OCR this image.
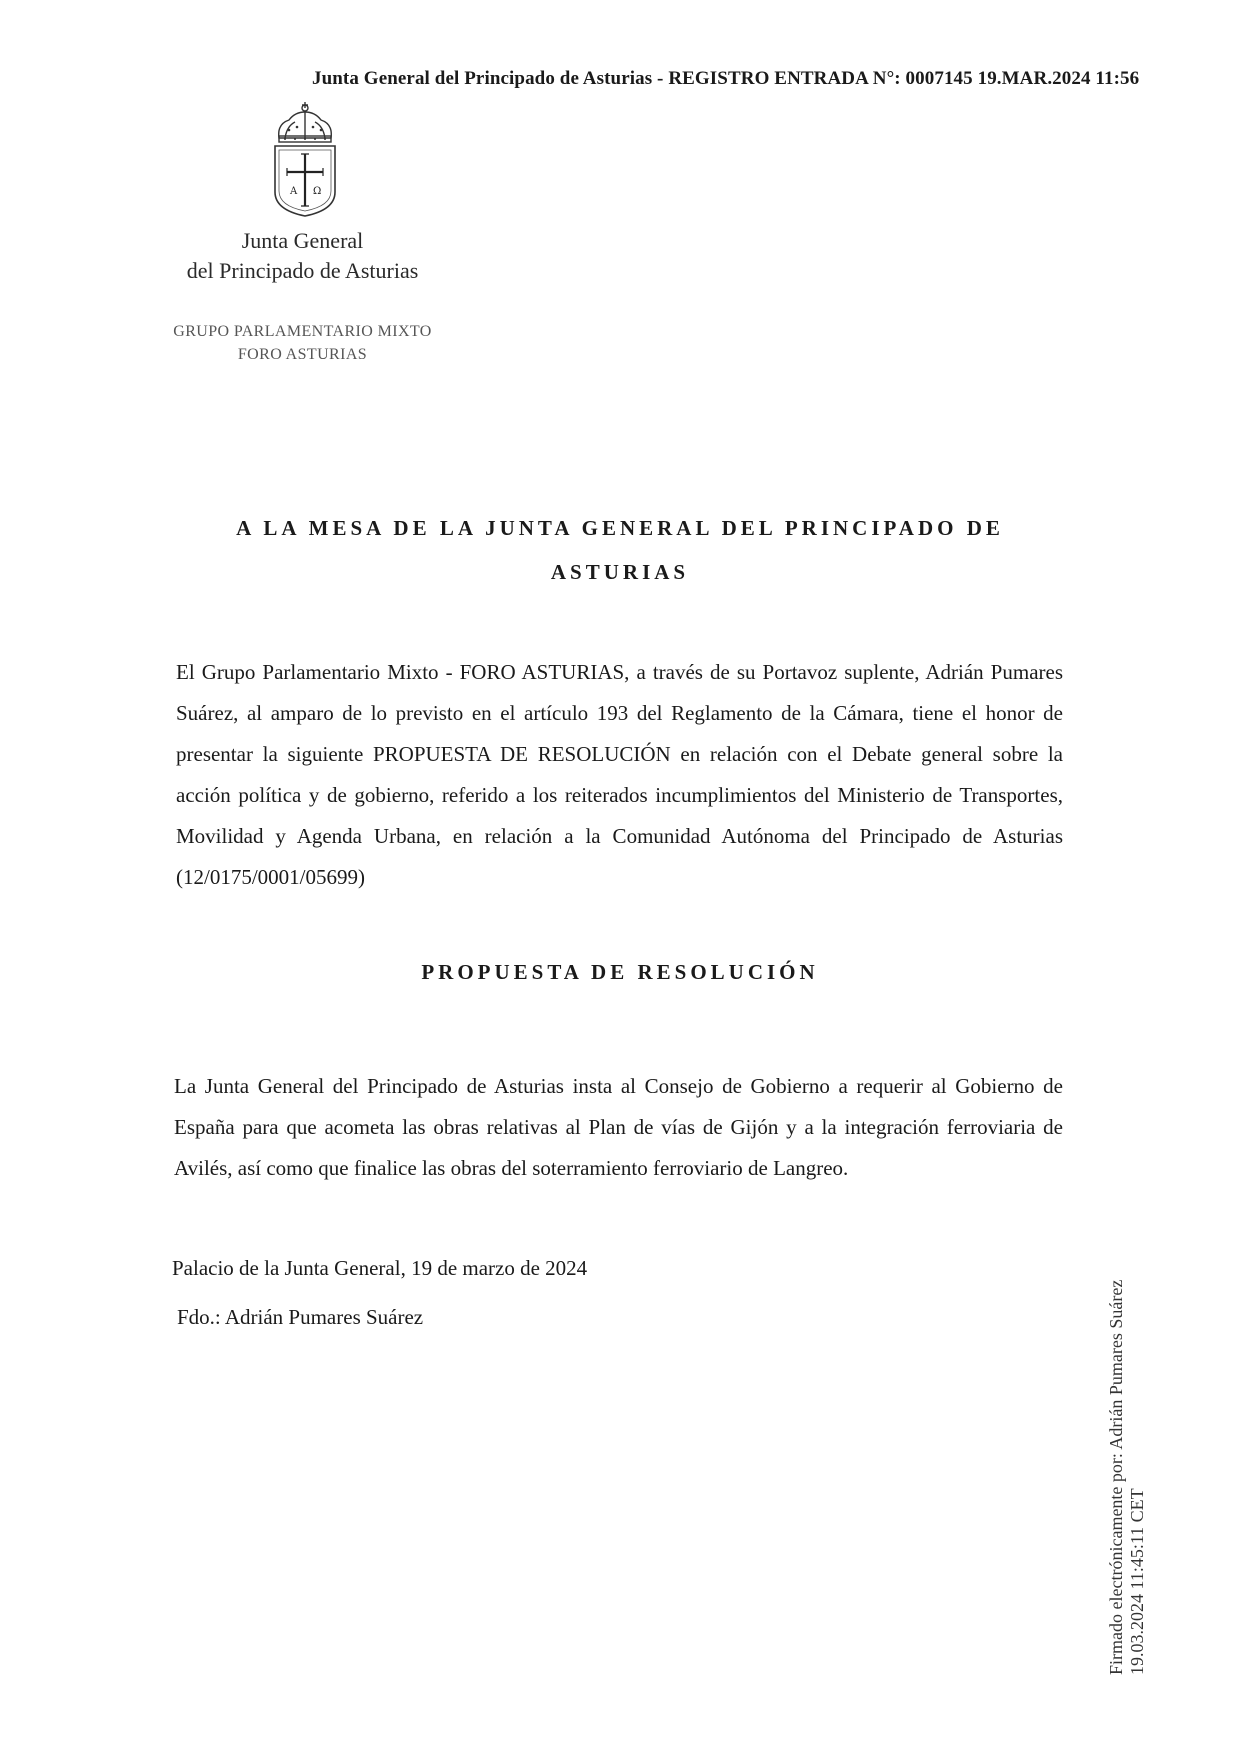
Junta General del Principado de Asturias - REGISTRO ENTRADA N°: 0007145 19.MAR.2024 11:56
A Ω
Junta General
del Principado de Asturias
GRUPO PARLAMENTARIO MIXTO
FORO ASTURIAS
A LA MESA DE LA JUNTA GENERAL DEL PRINCIPADO DE
ASTURIAS

El Grupo Parlamentario Mixto - FORO ASTURIAS, a través de su Portavoz suplente, Adrián Pumares Suárez, al amparo de lo previsto en el artículo 193 del Reglamento de la Cámara, tiene el honor de presentar la siguiente PROPUESTA DE RESOLUCIÓN en relación con el Debate general sobre la acción política y de gobierno, referido a los reiterados incumplimientos del Ministerio de Transportes, Movilidad y Agenda Urbana, en relación a la Comunidad Autónoma del Principado de Asturias (12/0175/0001/05699)

PROPUESTA DE RESOLUCIÓN

La Junta General del Principado de Asturias insta al Consejo de Gobierno a requerir al Gobierno de España para que acometa las obras relativas al Plan de vías de Gijón y a la integración ferroviaria de Avilés, así como que finalice las obras del soterramiento ferroviario de Langreo.

Palacio de la Junta General, 19 de marzo de 2024
Fdo.: Adrián Pumares Suárez	Firmado electrónicamente por: Adrián Pumares Suárez 19.03.2024 11:45:11 CET
